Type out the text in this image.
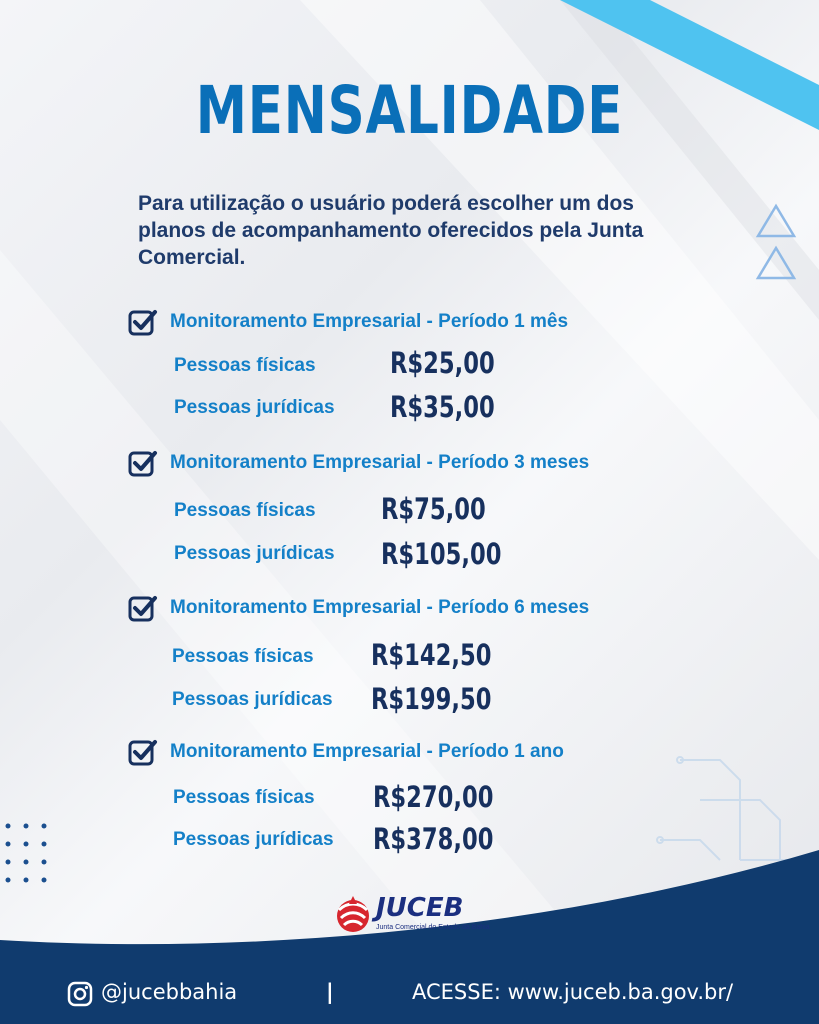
MENSALIDADE
Para utilização o usuário poderá escolher um dos planos de acompanhamento oferecidos pela Junta Comercial.
Monitoramento Empresarial - Período 1 mês
Pessoas físicas	R$25,00
Pessoas jurídicas R$35,00
Monitoramento Empresarial - Período 3 meses
Pessoas físicas R$75,00
Pessoas jurídicas R$105,00
Monitoramento Empresarial - Período 6 meses
Pessoas físicas R$142,50
Pessoas jurídicas R$199,50
Monitoramento Empresarial - Período 1 ano
Pessoas físicas R$270,00
Pessoas jurídicas R$378,00
JUCEB
Junta Comercial do Estado da Bahia
@jucebbahia	|	ACESSE: www.juceb.ba.gov.br/
